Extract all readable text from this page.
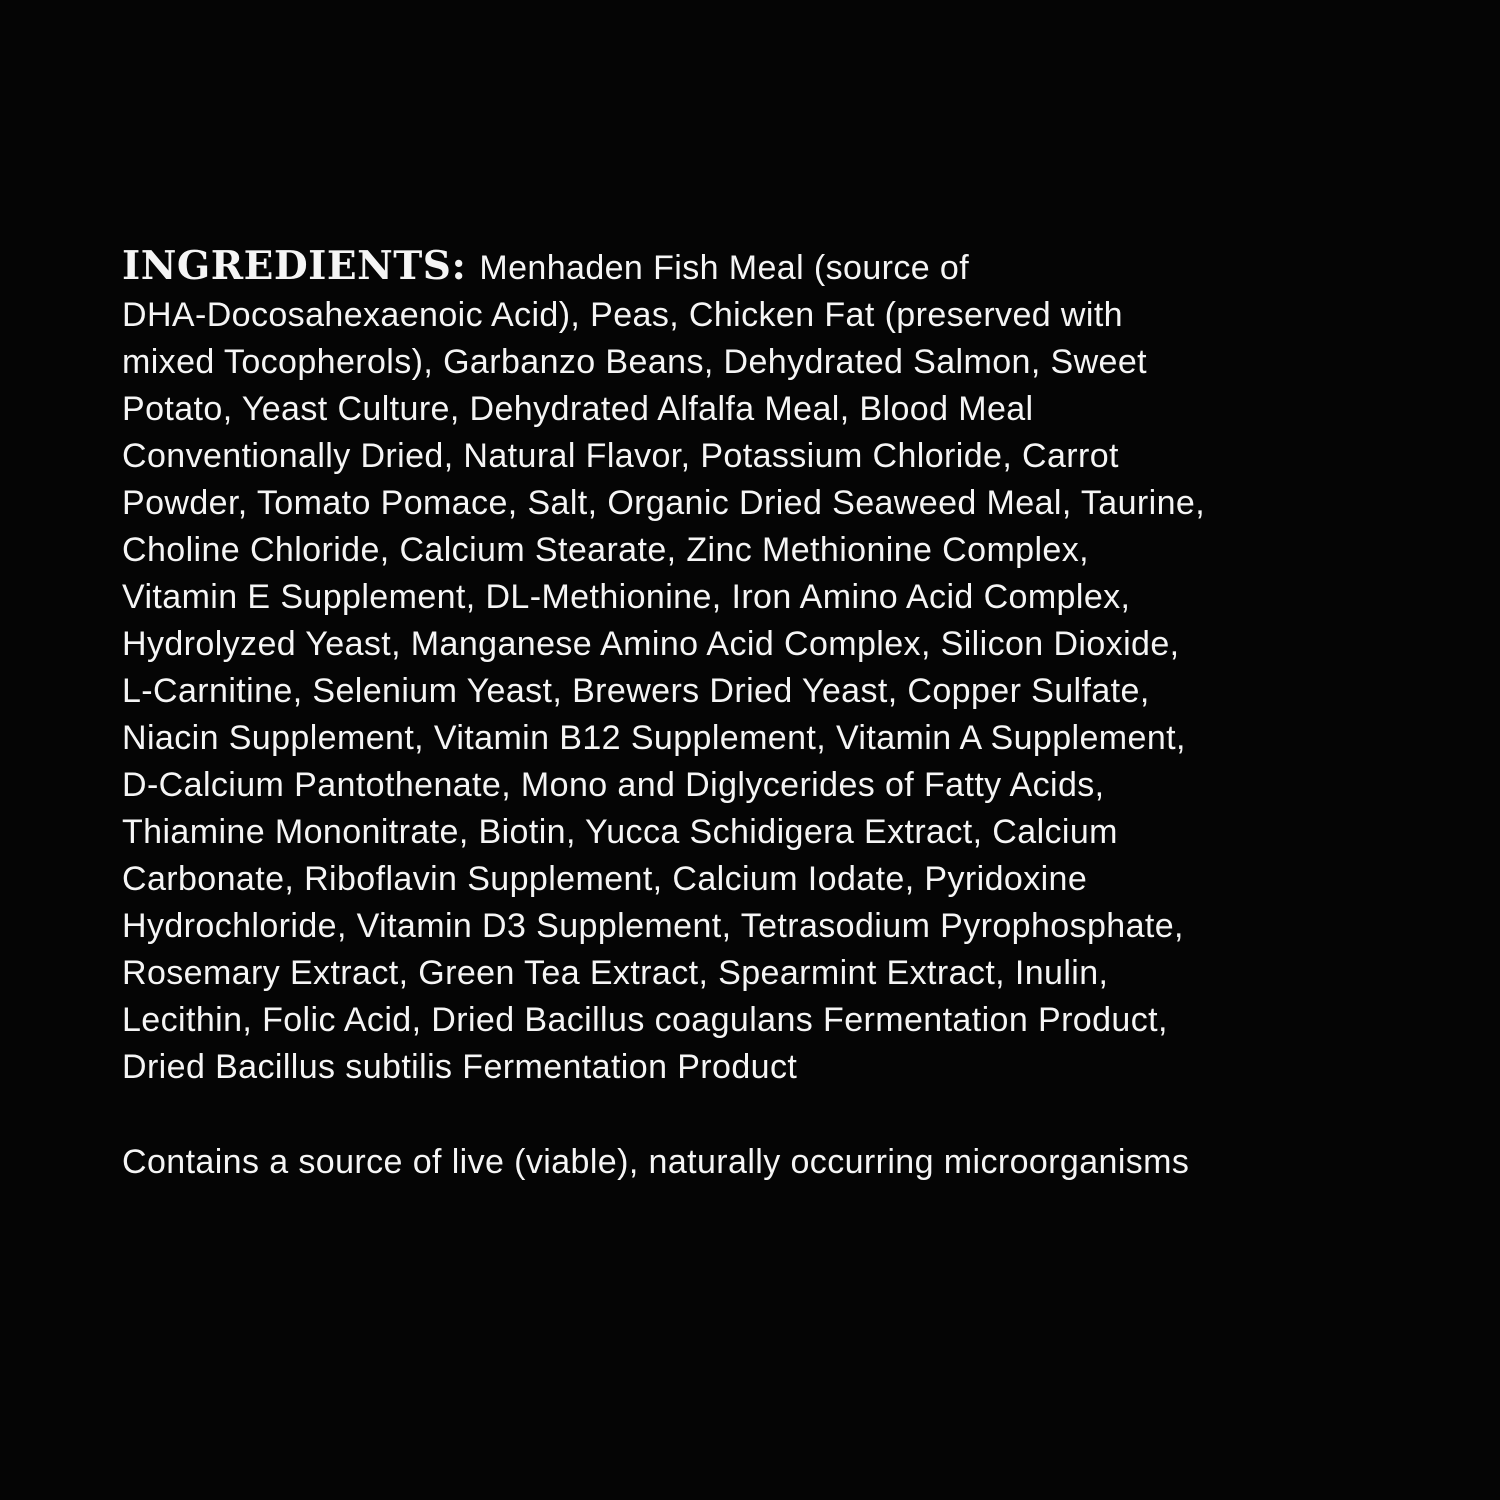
INGREDIENTS: Menhaden Fish Meal (source of
DHA-Docosahexaenoic Acid), Peas, Chicken Fat (preserved with
mixed Tocopherols), Garbanzo Beans, Dehydrated Salmon, Sweet
Potato, Yeast Culture, Dehydrated Alfalfa Meal, Blood Meal
Conventionally Dried, Natural Flavor, Potassium Chloride, Carrot
Powder, Tomato Pomace, Salt, Organic Dried Seaweed Meal, Taurine,
Choline Chloride, Calcium Stearate, Zinc Methionine Complex,
Vitamin E Supplement, DL-Methionine, Iron Amino Acid Complex,
Hydrolyzed Yeast, Manganese Amino Acid Complex, Silicon Dioxide,
L-Carnitine, Selenium Yeast, Brewers Dried Yeast, Copper Sulfate,
Niacin Supplement, Vitamin B12 Supplement, Vitamin A Supplement,
D-Calcium Pantothenate, Mono and Diglycerides of Fatty Acids,
Thiamine Mononitrate, Biotin, Yucca Schidigera Extract, Calcium
Carbonate, Riboflavin Supplement, Calcium Iodate, Pyridoxine
Hydrochloride, Vitamin D3 Supplement, Tetrasodium Pyrophosphate,
Rosemary Extract, Green Tea Extract, Spearmint Extract, Inulin,
Lecithin, Folic Acid, Dried Bacillus coagulans Fermentation Product,
Dried Bacillus subtilis Fermentation Product
Contains a source of live (viable), naturally occurring microorganisms
